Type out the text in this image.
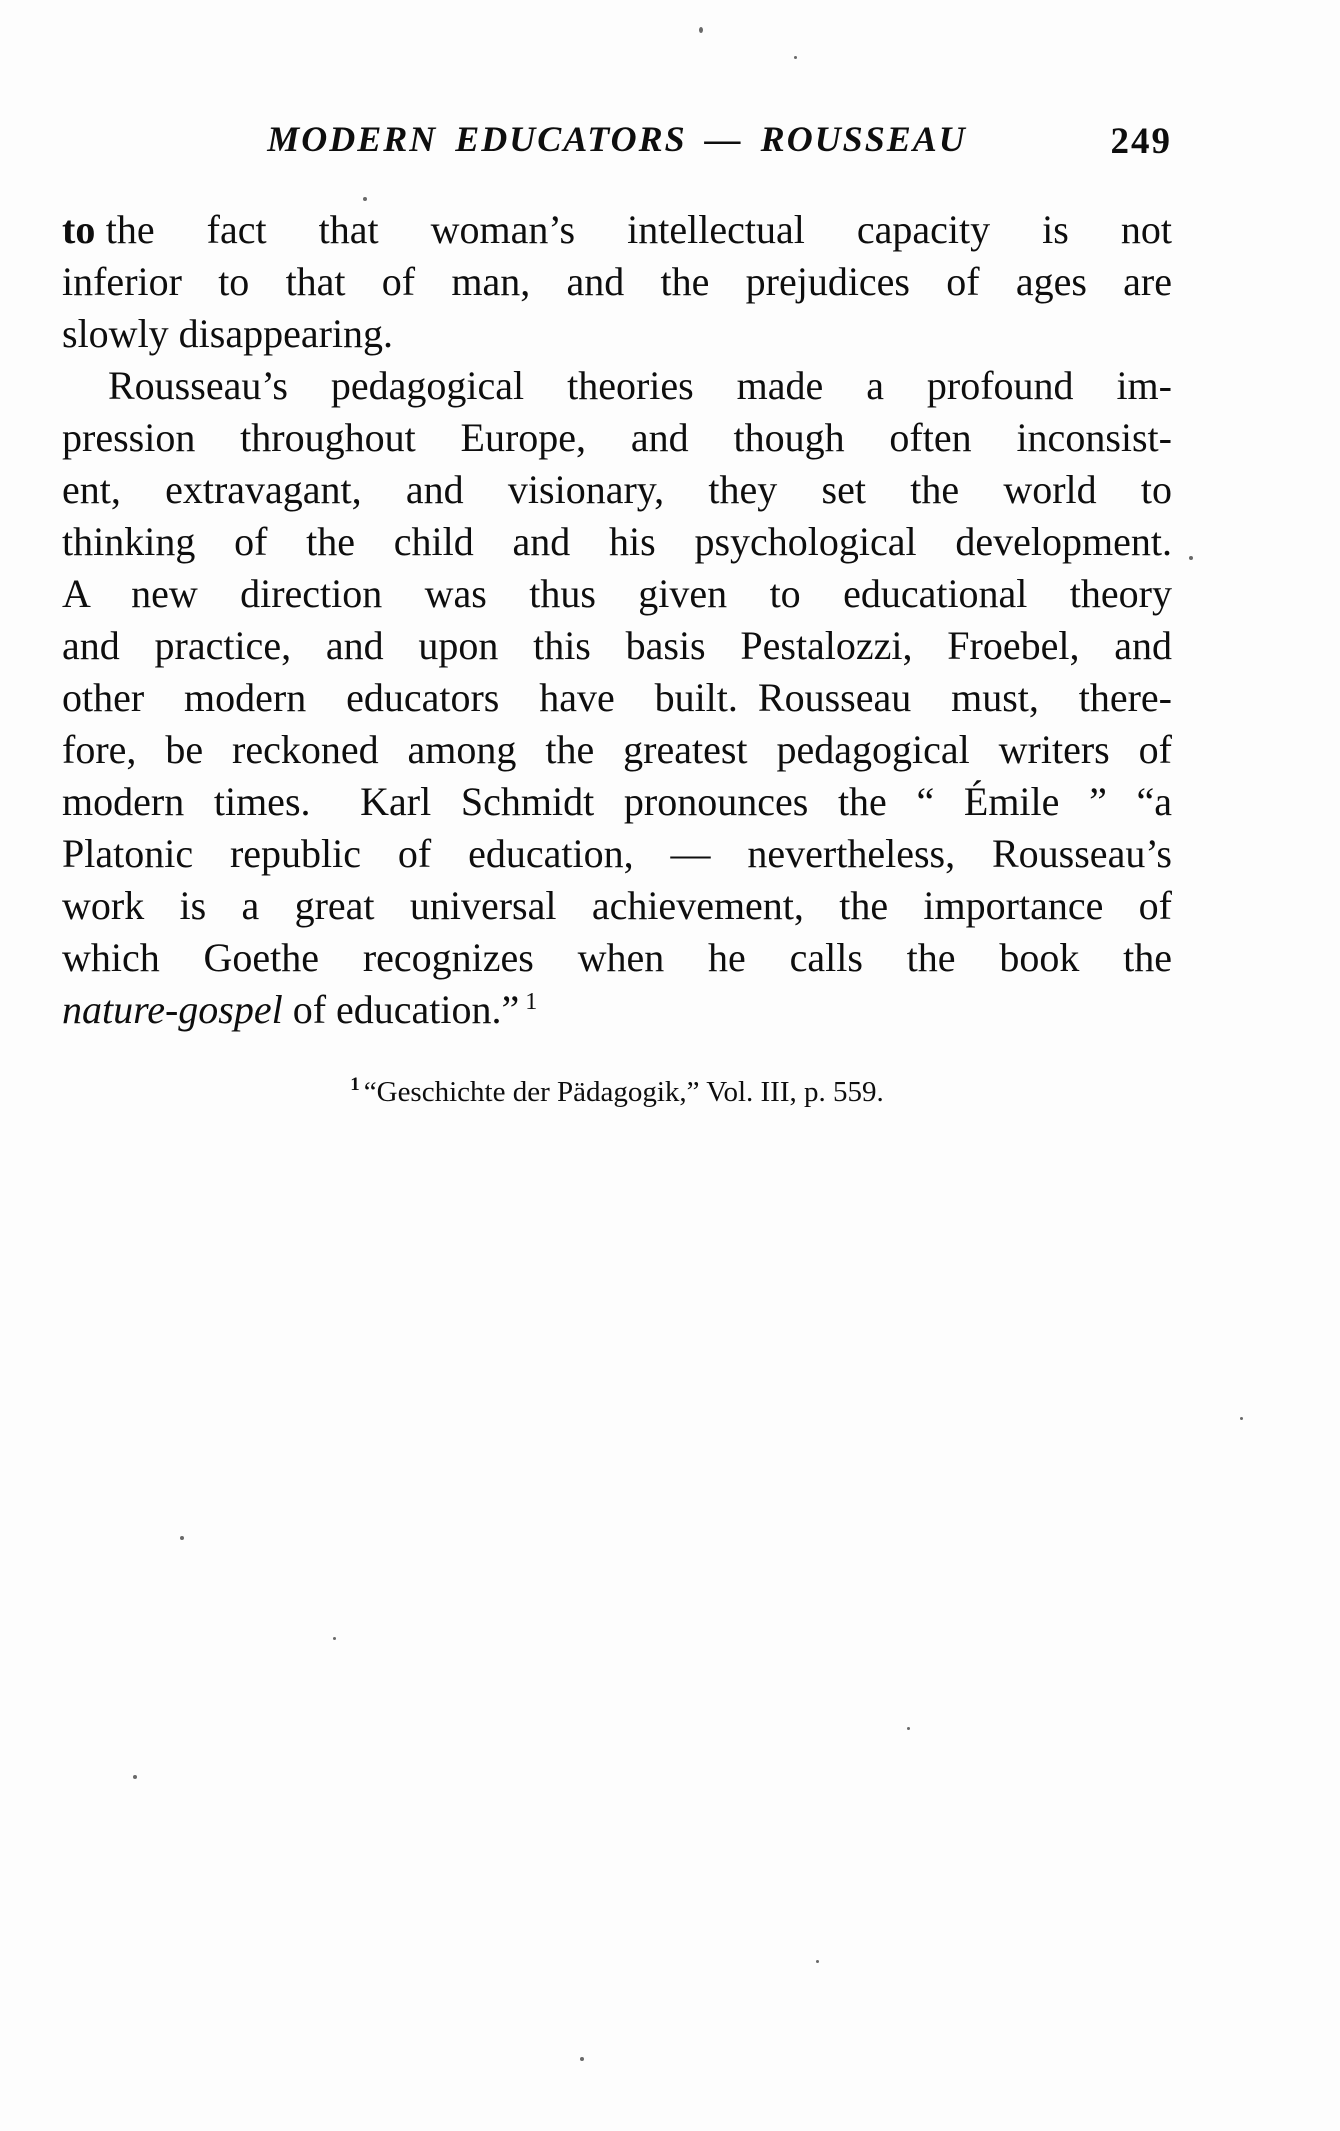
MODERN EDUCATORS — ROUSSEAU	249
to the fact that woman’s intellectual capacity is not
inferior to that of man, and the prejudices of ages are
slowly disappearing.
Rousseau’s pedagogical theories made a profound im-
pression throughout Europe, and though often inconsist-
ent, extravagant, and visionary, they set the world to
thinking of the child and his psychological development.
A new direction was thus given to educational theory
and practice, and upon this basis Pestalozzi, Froebel, and
other modern educators have built. Rousseau must, there-
fore, be reckoned among the greatest pedagogical writers of
modern times.  Karl Schmidt pronounces the “ Émile ” “a
Platonic republic of education, — nevertheless, Rousseau’s
work is a great universal achievement, the importance of
which Goethe recognizes when he calls the book the
nature-gospel of education.” $^1$
$^1$ “Geschichte der Pädagogik,” Vol. III, p. 559.
